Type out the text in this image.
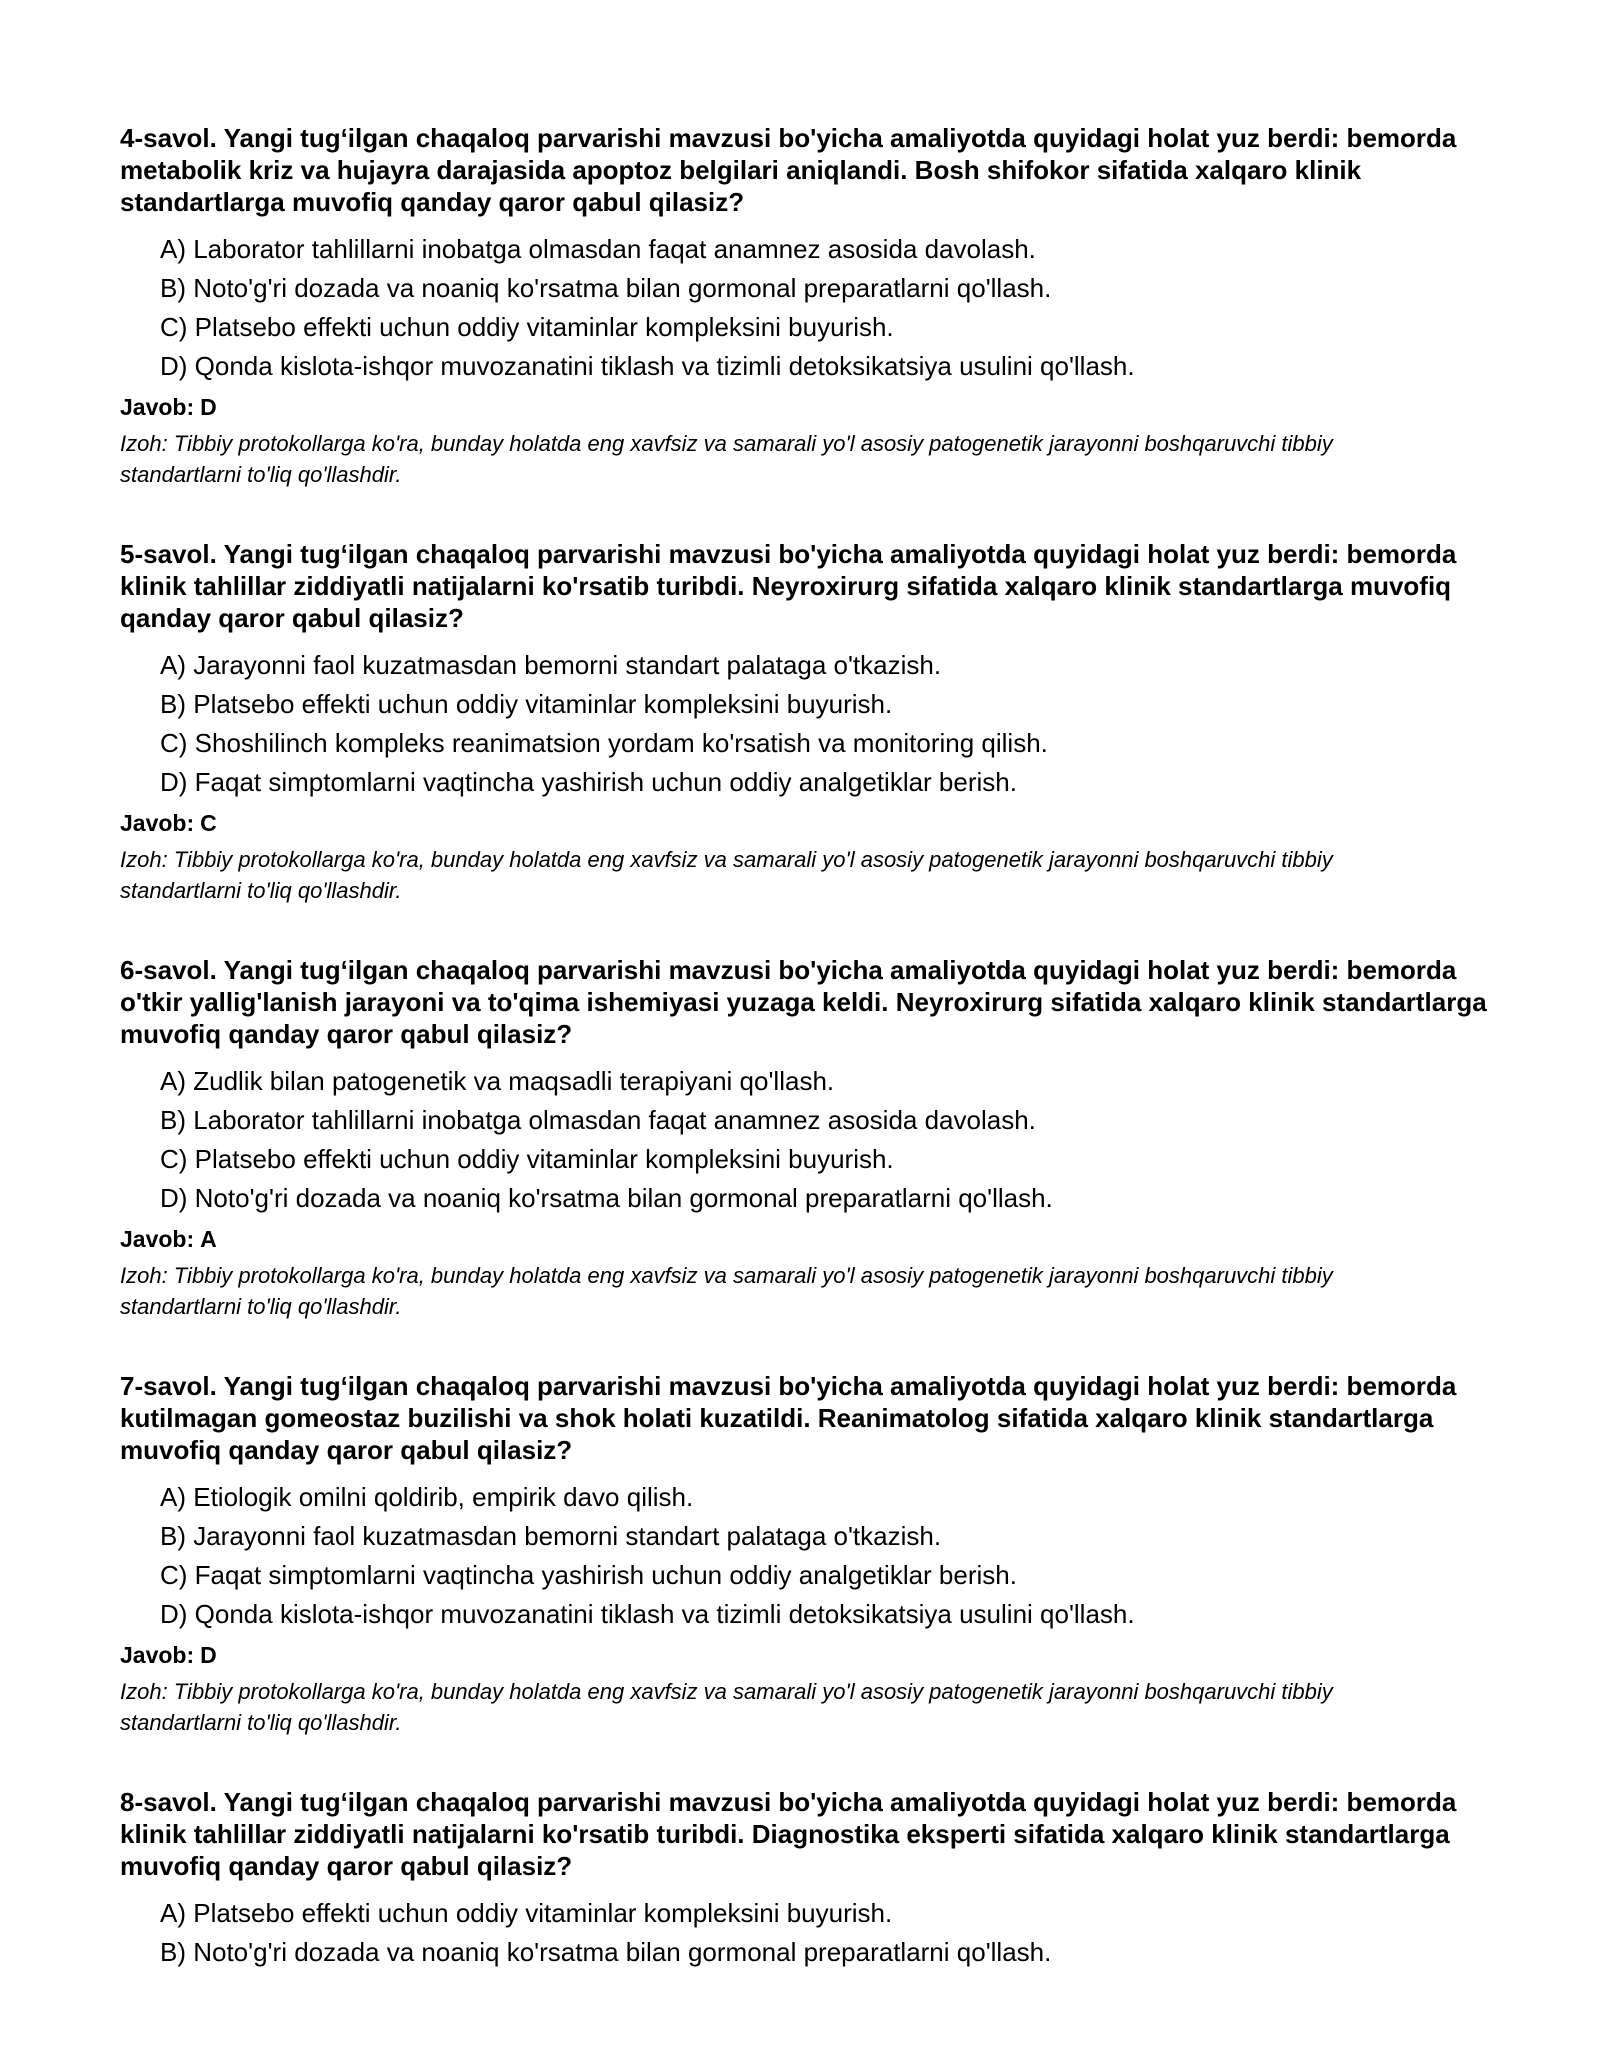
4-savol. Yangi tug‘ilgan chaqaloq parvarishi mavzusi bo'yicha amaliyotda quyidagi holat yuz berdi: bemorda metabolik kriz va hujayra darajasida apoptoz belgilari aniqlandi. Bosh shifokor sifatida xalqaro klinik standartlarga muvofiq qanday qaror qabul qilasiz?

A) Laborator tahlillarni inobatga olmasdan faqat anamnez asosida davolash.
B) Noto'g'ri dozada va noaniq ko'rsatma bilan gormonal preparatlarni qo'llash.
C) Platsebo effekti uchun oddiy vitaminlar kompleksini buyurish.
D) Qonda kislota-ishqor muvozanatini tiklash va tizimli detoksikatsiya usulini qo'llash.
Javob: D

Izoh: Tibbiy protokollarga ko'ra, bunday holatda eng xavfsiz va samarali yo'l asosiy patogenetik jarayonni boshqaruvchi tibbiy standartlarni to'liq qo'llashdir.

5-savol. Yangi tug‘ilgan chaqaloq parvarishi mavzusi bo'yicha amaliyotda quyidagi holat yuz berdi: bemorda klinik tahlillar ziddiyatli natijalarni ko'rsatib turibdi. Neyroxirurg sifatida xalqaro klinik standartlarga muvofiq qanday qaror qabul qilasiz?

A) Jarayonni faol kuzatmasdan bemorni standart palataga o'tkazish.
B) Platsebo effekti uchun oddiy vitaminlar kompleksini buyurish.
C) Shoshilinch kompleks reanimatsion yordam ko'rsatish va monitoring qilish.
D) Faqat simptomlarni vaqtincha yashirish uchun oddiy analgetiklar berish.
Javob: C

Izoh: Tibbiy protokollarga ko'ra, bunday holatda eng xavfsiz va samarali yo'l asosiy patogenetik jarayonni boshqaruvchi tibbiy standartlarni to'liq qo'llashdir.

6-savol. Yangi tug‘ilgan chaqaloq parvarishi mavzusi bo'yicha amaliyotda quyidagi holat yuz berdi: bemorda o'tkir yallig'lanish jarayoni va to'qima ishemiyasi yuzaga keldi. Neyroxirurg sifatida xalqaro klinik standartlarga muvofiq qanday qaror qabul qilasiz?

A) Zudlik bilan patogenetik va maqsadli terapiyani qo'llash.
B) Laborator tahlillarni inobatga olmasdan faqat anamnez asosida davolash.
C) Platsebo effekti uchun oddiy vitaminlar kompleksini buyurish.
D) Noto'g'ri dozada va noaniq ko'rsatma bilan gormonal preparatlarni qo'llash.
Javob: A

Izoh: Tibbiy protokollarga ko'ra, bunday holatda eng xavfsiz va samarali yo'l asosiy patogenetik jarayonni boshqaruvchi tibbiy standartlarni to'liq qo'llashdir.

7-savol. Yangi tug‘ilgan chaqaloq parvarishi mavzusi bo'yicha amaliyotda quyidagi holat yuz berdi: bemorda kutilmagan gomeostaz buzilishi va shok holati kuzatildi. Reanimatolog sifatida xalqaro klinik standartlarga muvofiq qanday qaror qabul qilasiz?

A) Etiologik omilni qoldirib, empirik davo qilish.
B) Jarayonni faol kuzatmasdan bemorni standart palataga o'tkazish.
C) Faqat simptomlarni vaqtincha yashirish uchun oddiy analgetiklar berish.
D) Qonda kislota-ishqor muvozanatini tiklash va tizimli detoksikatsiya usulini qo'llash.
Javob: D

Izoh: Tibbiy protokollarga ko'ra, bunday holatda eng xavfsiz va samarali yo'l asosiy patogenetik jarayonni boshqaruvchi tibbiy standartlarni to'liq qo'llashdir.

8-savol. Yangi tug‘ilgan chaqaloq parvarishi mavzusi bo'yicha amaliyotda quyidagi holat yuz berdi: bemorda klinik tahlillar ziddiyatli natijalarni ko'rsatib turibdi. Diagnostika eksperti sifatida xalqaro klinik standartlarga muvofiq qanday qaror qabul qilasiz?

A) Platsebo effekti uchun oddiy vitaminlar kompleksini buyurish.
B) Noto'g'ri dozada va noaniq ko'rsatma bilan gormonal preparatlarni qo'llash.
